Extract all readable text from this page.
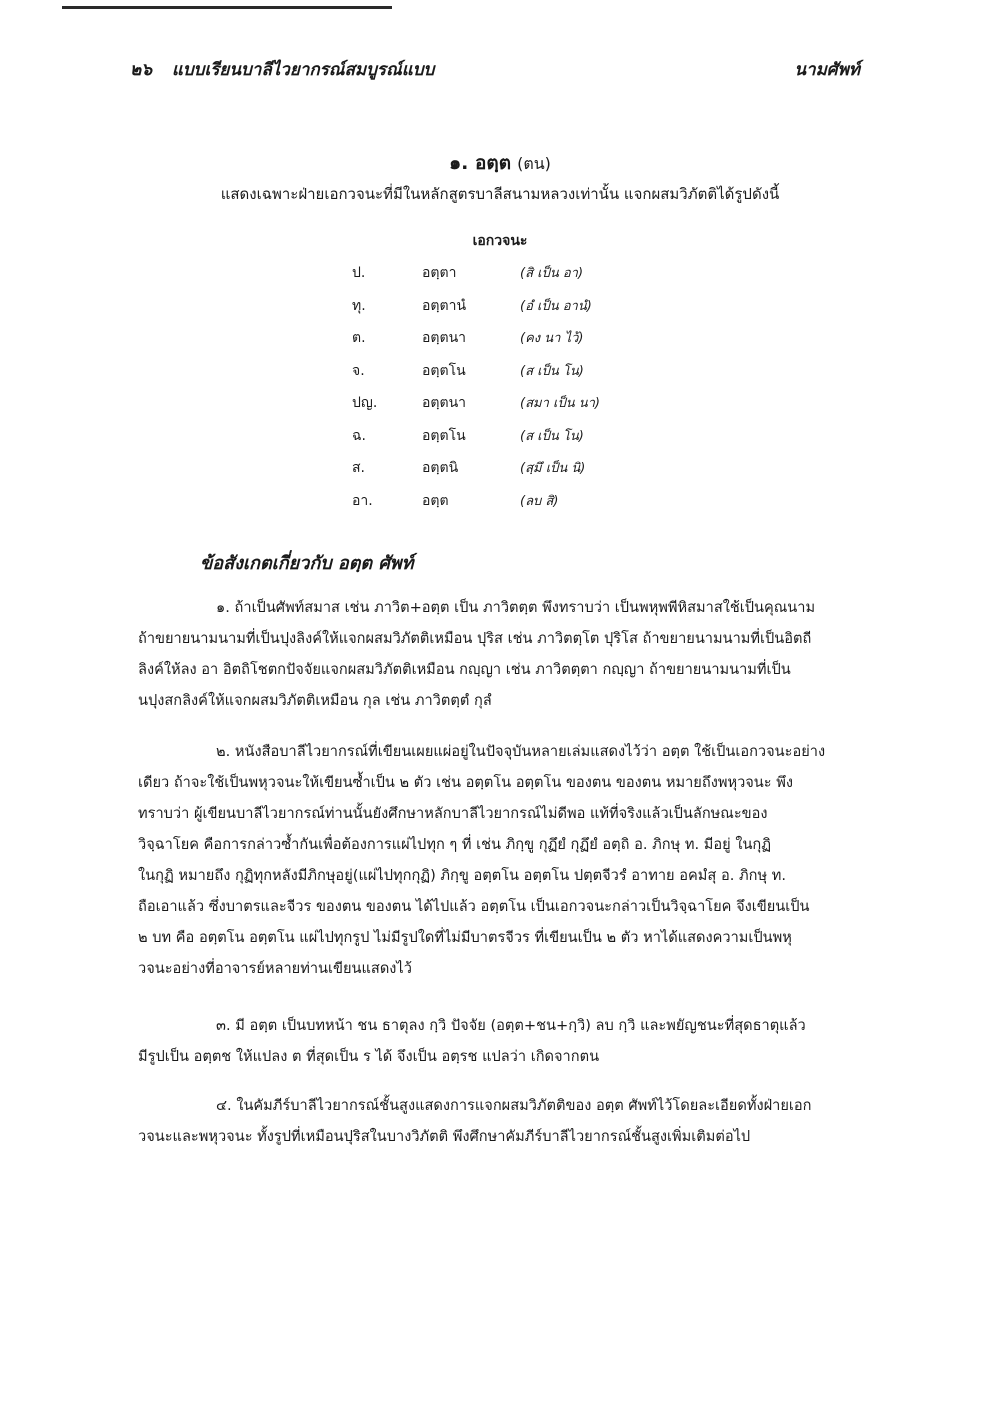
๒๖ แบบเรียนบาลีไวยากรณ์สมบูรณ์แบบ	นามศัพท์
๑. อตฺต (ตน)
แสดงเฉพาะฝ่ายเอกวจนะที่มีในหลักสูตรบาลีสนามหลวงเท่านั้น แจกผสมวิภัตติได้รูปดังนี้
เอกวจนะ
ป.	อตฺตา	(สิ เป็น อา)
ทุ.	อตฺตานํ	(อํ เป็น อานํ)
ต.	อตฺตนา	(คง นา ไว้)
จ.	อตฺตโน	(ส เป็น โน)
ปญ.	อตฺตนา	(สมา เป็น นา)
ฉ.	อตฺตโน	(ส เป็น โน)
ส.	อตฺตนิ	(สฺมึ เป็น นิ)
อา.	อตฺต	(ลบ สิ)
ข้อสังเกตเกี่ยวกับ อตฺต ศัพท์
๑. ถ้าเป็นศัพท์สมาส เช่น ภาวิต+อตฺต เป็น ภาวิตตฺต พึงทราบว่า เป็นพหุพพีหิสมาสใช้เป็นคุณนาม
ถ้าขยายนามนามที่เป็นปุงลิงค์ให้แจกผสมวิภัตติเหมือน ปุริส เช่น ภาวิตตฺโต ปุริโส ถ้าขยายนามนามที่เป็นอิตถี
ลิงค์ให้ลง อา อิตถิโชตกปัจจัยแจกผสมวิภัตติเหมือน กญฺญา เช่น ภาวิตตฺตา กญฺญา ถ้าขยายนามนามที่เป็น
นปุงสกลิงค์ให้แจกผสมวิภัตติเหมือน กุล เช่น ภาวิตตฺตํ กุลํ
๒. หนังสือบาลีไวยากรณ์ที่เขียนเผยแผ่อยู่ในปัจจุบันหลายเล่มแสดงไว้ว่า อตฺต ใช้เป็นเอกวจนะอย่าง
เดียว ถ้าจะใช้เป็นพหุวจนะให้เขียนซ้ำเป็น ๒ ตัว เช่น อตฺตโน อตฺตโน ของตน ของตน หมายถึงพหุวจนะ พึง
ทราบว่า ผู้เขียนบาลีไวยากรณ์ท่านนั้นยังศึกษาหลักบาลีไวยากรณ์ไม่ดีพอ แท้ที่จริงแล้วเป็นลักษณะของ
วิจฺฉาโยค คือการกล่าวซ้ำกันเพื่อต้องการแผ่ไปทุก ๆ ที่ เช่น ภิกฺขู กุฏึยํ กุฏึยํ อตฺถิ อ. ภิกษุ ท. มีอยู่ ในกุฏิ
ในกุฏิ หมายถึง กุฏิทุกหลังมีภิกษุอยู่(แผ่ไปทุกกุฏิ) ภิกฺขู อตฺตโน อตฺตโน ปตฺตจีวรํ อาทาย อคมํสุ อ. ภิกษุ ท.
ถือเอาแล้ว ซึ่งบาตรและจีวร ของตน ของตน ได้ไปแล้ว อตฺตโน เป็นเอกวจนะกล่าวเป็นวิจฺฉาโยค จึงเขียนเป็น
๒ บท คือ อตฺตโน อตฺตโน แผ่ไปทุกรูป ไม่มีรูปใดที่ไม่มีบาตรจีวร ที่เขียนเป็น ๒ ตัว หาได้แสดงความเป็นพหุ
วจนะอย่างที่อาจารย์หลายท่านเขียนแสดงไว้
๓. มี อตฺต เป็นบทหน้า ชน ธาตุลง กฺวิ ปัจจัย (อตฺต+ชน+กฺวิ) ลบ กฺวิ และพยัญชนะที่สุดธาตุแล้ว
มีรูปเป็น อตฺตช ให้แปลง ต ที่สุดเป็น ร ได้ จึงเป็น อตฺรช แปลว่า เกิดจากตน
๔. ในคัมภีร์บาลีไวยากรณ์ชั้นสูงแสดงการแจกผสมวิภัตติของ อตฺต ศัพท์ไว้โดยละเอียดทั้งฝ่ายเอก
วจนะและพหุวจนะ ทั้งรูปที่เหมือนปุริสในบางวิภัตติ พึงศึกษาคัมภีร์บาลีไวยากรณ์ชั้นสูงเพิ่มเติมต่อไป
